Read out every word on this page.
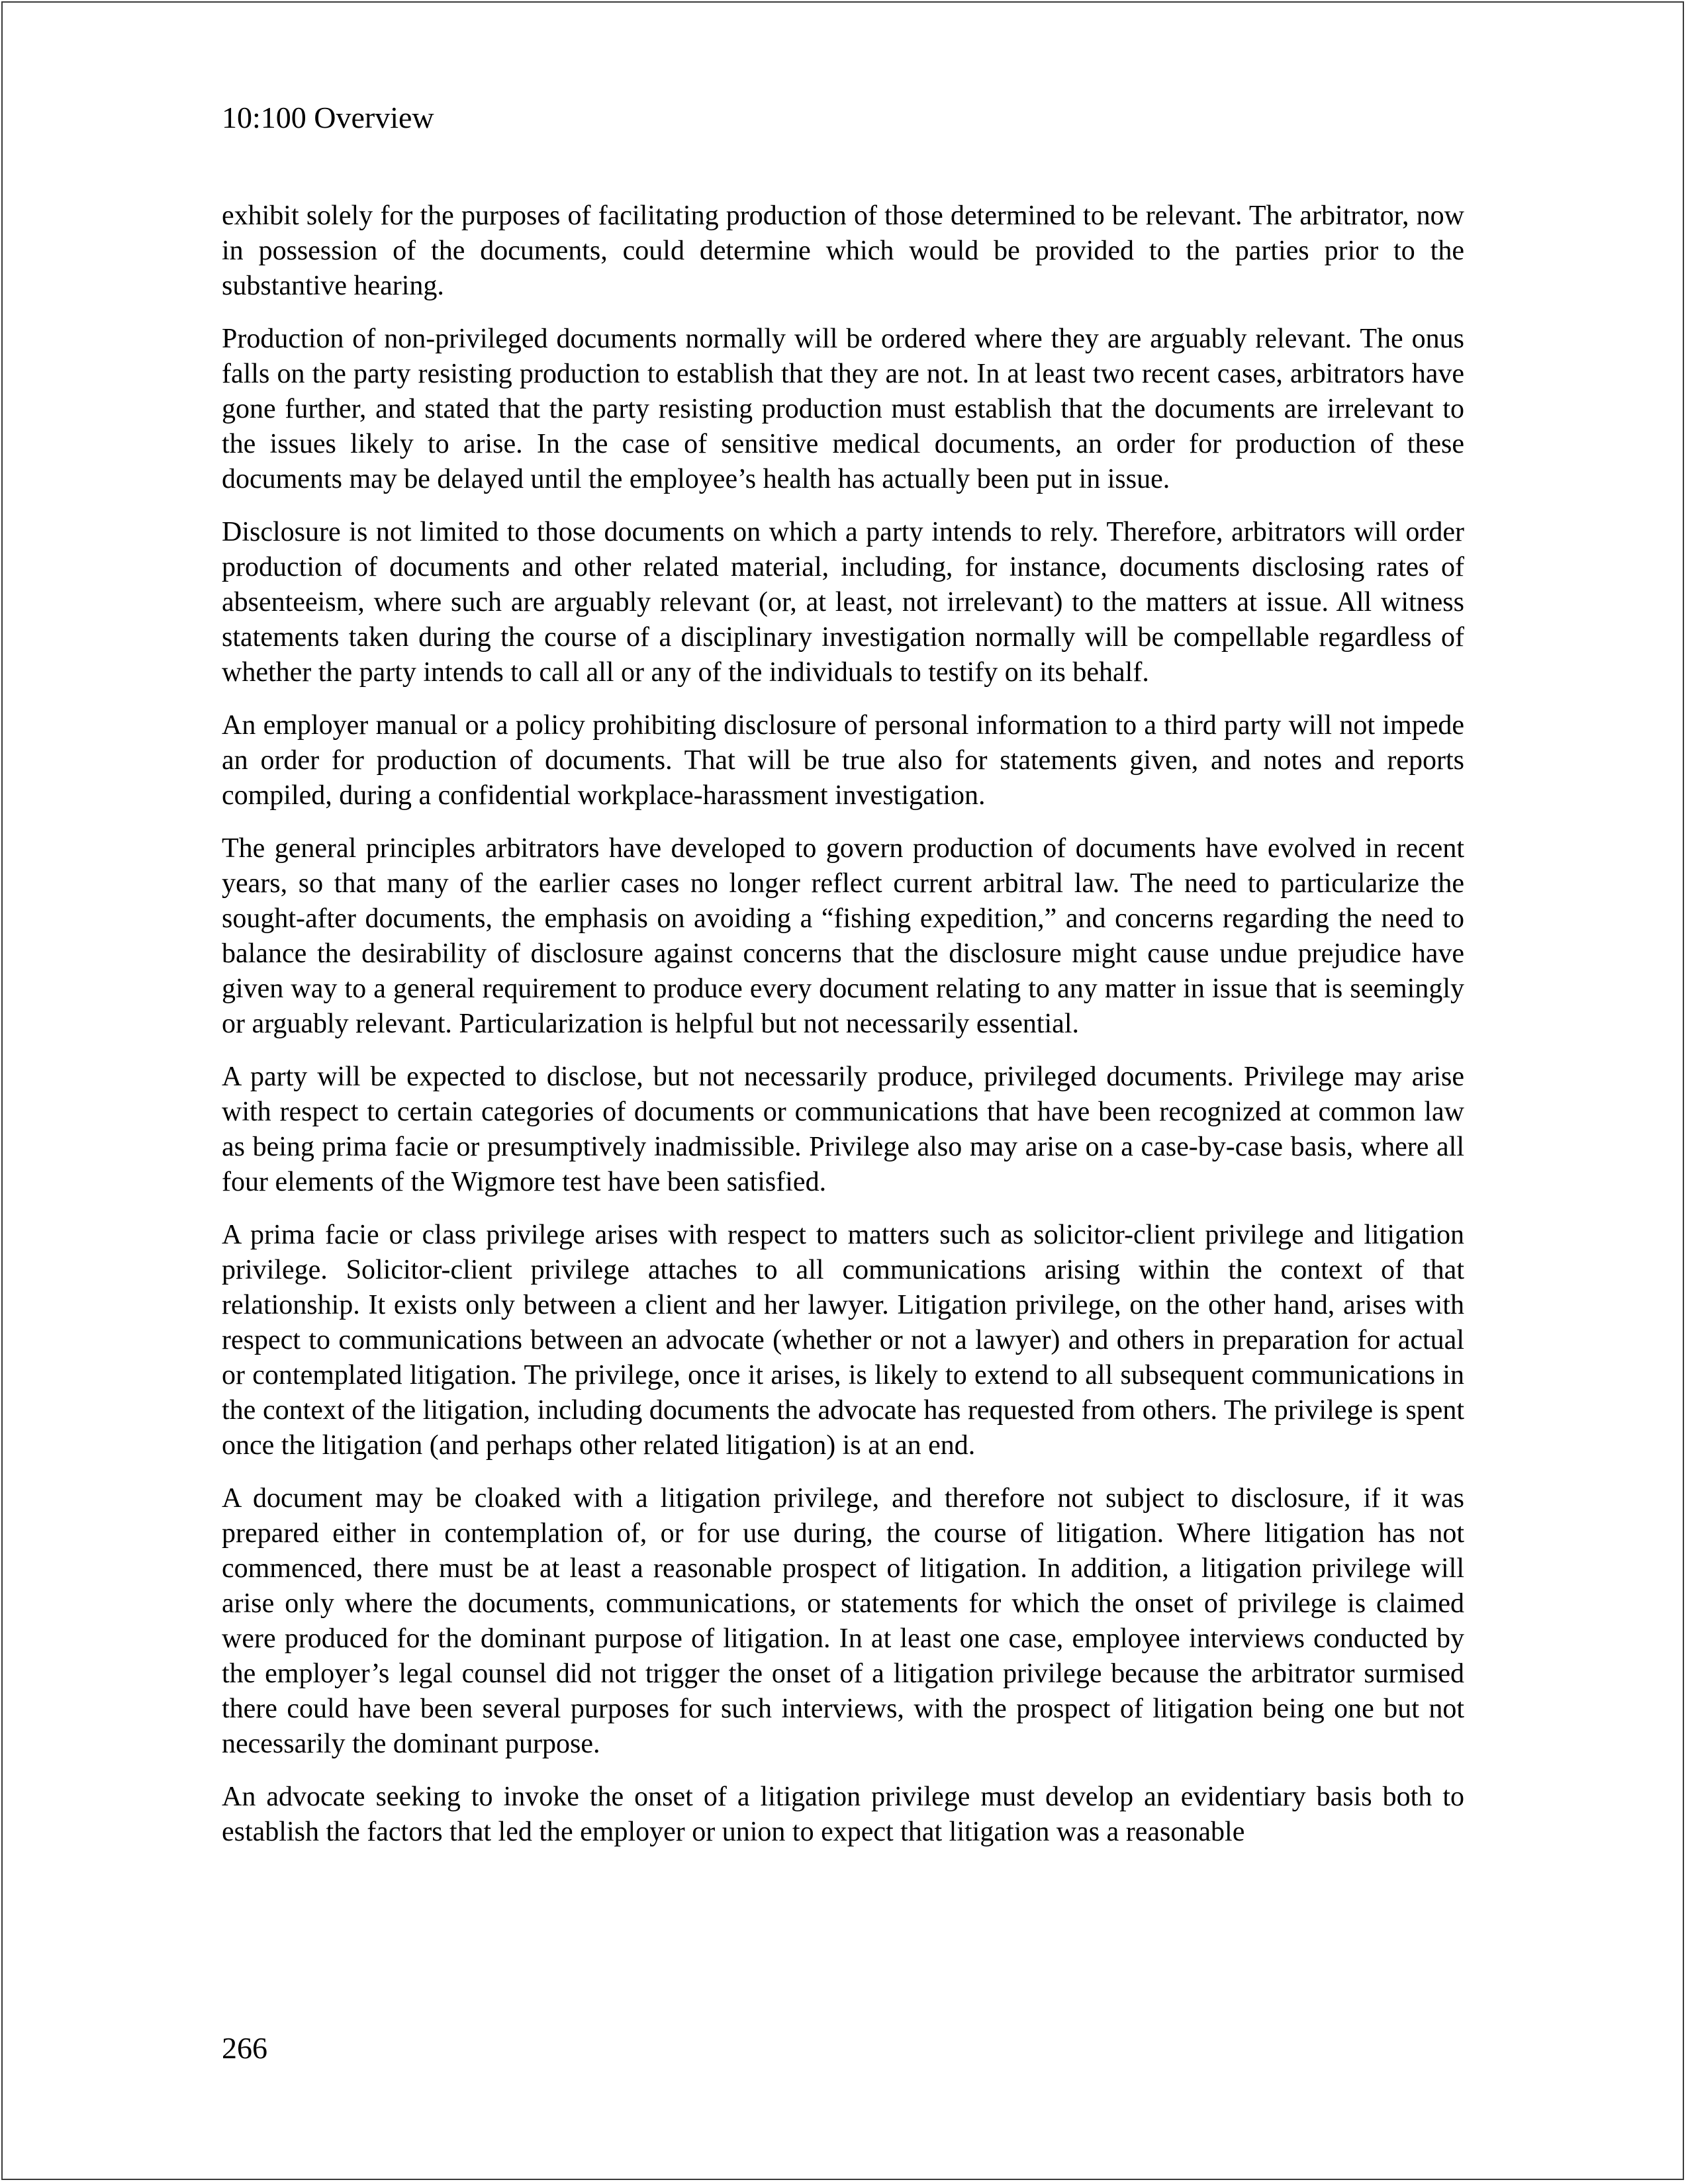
10:100 Overview

exhibit solely for the purposes of facilitating production of those determined to be relevant. The arbitrator, now in possession of the documents, could determine which would be provided to the parties prior to the substantive hearing.

Production of non-privileged documents normally will be ordered where they are arguably relevant. The onus falls on the party resisting production to establish that they are not. In at least two recent cases, arbitrators have gone further, and stated that the party resisting production must establish that the documents are irrelevant to the issues likely to arise. In the case of sensitive medical documents, an order for production of these documents may be delayed until the employee’s health has actually been put in issue.

Disclosure is not limited to those documents on which a party intends to rely. Therefore, arbitrators will order production of documents and other related material, including, for instance, documents disclosing rates of absenteeism, where such are arguably relevant (or, at least, not irrelevant) to the matters at issue. All witness statements taken during the course of a disciplinary investigation normally will be compellable regardless of whether the party intends to call all or any of the individuals to testify on its behalf.

An employer manual or a policy prohibiting disclosure of personal information to a third party will not impede an order for production of documents. That will be true also for statements given, and notes and reports compiled, during a confidential workplace-harassment investigation.

The general principles arbitrators have developed to govern production of documents have evolved in recent years, so that many of the earlier cases no longer reflect current arbitral law. The need to particularize the sought-after documents, the emphasis on avoiding a “fishing expedition,” and concerns regarding the need to balance the desirability of disclosure against concerns that the disclosure might cause undue prejudice have given way to a general requirement to produce every document relating to any matter in issue that is seemingly or arguably relevant. Particularization is helpful but not necessarily essential.

A party will be expected to disclose, but not necessarily produce, privileged documents. Privilege may arise with respect to certain categories of documents or communications that have been recognized at common law as being prima facie or presumptively inadmissible. Privilege also may arise on a case-by-case basis, where all four elements of the Wigmore test have been satisfied.

A prima facie or class privilege arises with respect to matters such as solicitor-client privilege and litigation privilege. Solicitor-client privilege attaches to all communications arising within the context of that relationship. It exists only between a client and her lawyer. Litigation privilege, on the other hand, arises with respect to communications between an advocate (whether or not a lawyer) and others in preparation for actual or contemplated litigation. The privilege, once it arises, is likely to extend to all subsequent communications in the context of the litigation, including documents the advocate has requested from others. The privilege is spent once the litigation (and perhaps other related litigation) is at an end.

A document may be cloaked with a litigation privilege, and therefore not subject to disclosure, if it was prepared either in contemplation of, or for use during, the course of litigation. Where litigation has not commenced, there must be at least a reasonable prospect of litigation. In addition, a litigation privilege will arise only where the documents, communications, or statements for which the onset of privilege is claimed were produced for the dominant purpose of litigation. In at least one case, employee interviews conducted by the employer’s legal counsel did not trigger the onset of a litigation privilege because the arbitrator surmised there could have been several purposes for such interviews, with the prospect of litigation being one but not necessarily the dominant purpose.

An advocate seeking to invoke the onset of a litigation privilege must develop an evidentiary basis both to establish the factors that led the employer or union to expect that litigation was a reasonable

266
